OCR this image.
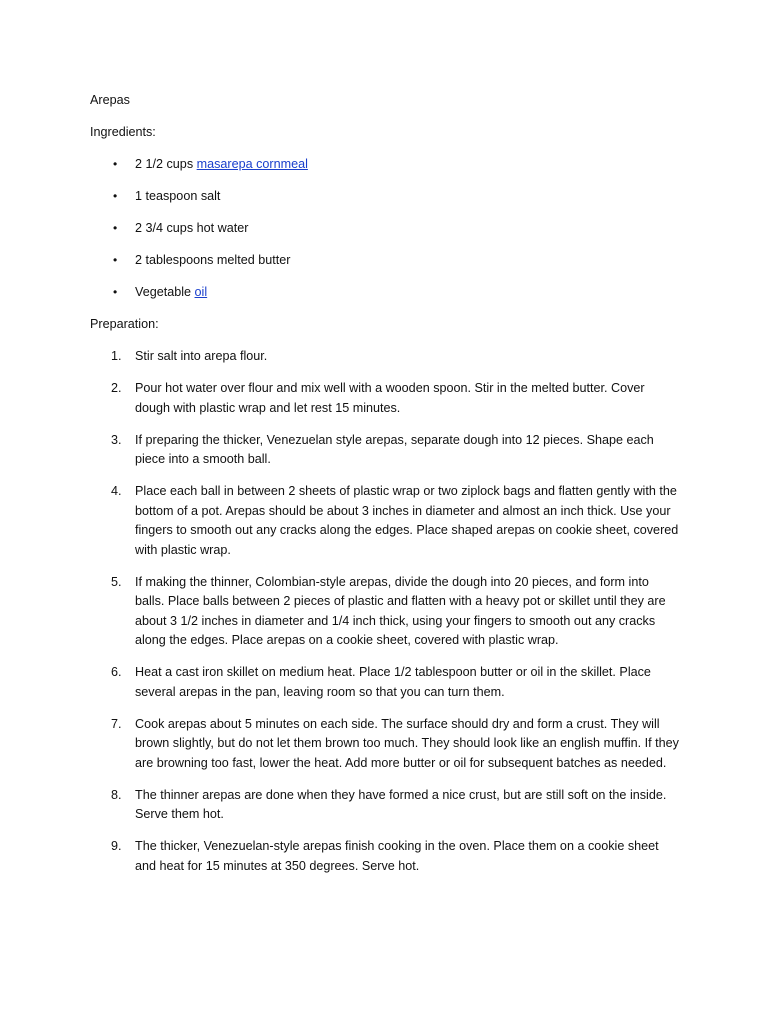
Arepas

Ingredients:

• 2 1/2 cups masarepa cornmeal
• 1 teaspoon salt
• 2 3/4 cups hot water
• 2 tablespoons melted butter
• Vegetable oil

Preparation:

1. Stir salt into arepa flour.
2. Pour hot water over flour and mix well with a wooden spoon. Stir in the melted butter. Cover dough with plastic wrap and let rest 15 minutes.
3. If preparing the thicker, Venezuelan style arepas, separate dough into 12 pieces. Shape each piece into a smooth ball.
4. Place each ball in between 2 sheets of plastic wrap or two ziplock bags and flatten gently with the bottom of a pot. Arepas should be about 3 inches in diameter and almost an inch thick. Use your fingers to smooth out any cracks along the edges. Place shaped arepas on cookie sheet, covered with plastic wrap.
5. If making the thinner, Colombian-style arepas, divide the dough into 20 pieces, and form into balls. Place balls between 2 pieces of plastic and flatten with a heavy pot or skillet until they are about 3 1/2 inches in diameter and 1/4 inch thick, using your fingers to smooth out any cracks along the edges. Place arepas on a cookie sheet, covered with plastic wrap.
6. Heat a cast iron skillet on medium heat. Place 1/2 tablespoon butter or oil in the skillet. Place several arepas in the pan, leaving room so that you can turn them.
7. Cook arepas about 5 minutes on each side. The surface should dry and form a crust. They will brown slightly, but do not let them brown too much. They should look like an english muffin. If they are browning too fast, lower the heat. Add more butter or oil for subsequent batches as needed.
8. The thinner arepas are done when they have formed a nice crust, but are still soft on the inside. Serve them hot.
9. The thicker, Venezuelan-style arepas finish cooking in the oven. Place them on a cookie sheet and heat for 15 minutes at 350 degrees. Serve hot.
